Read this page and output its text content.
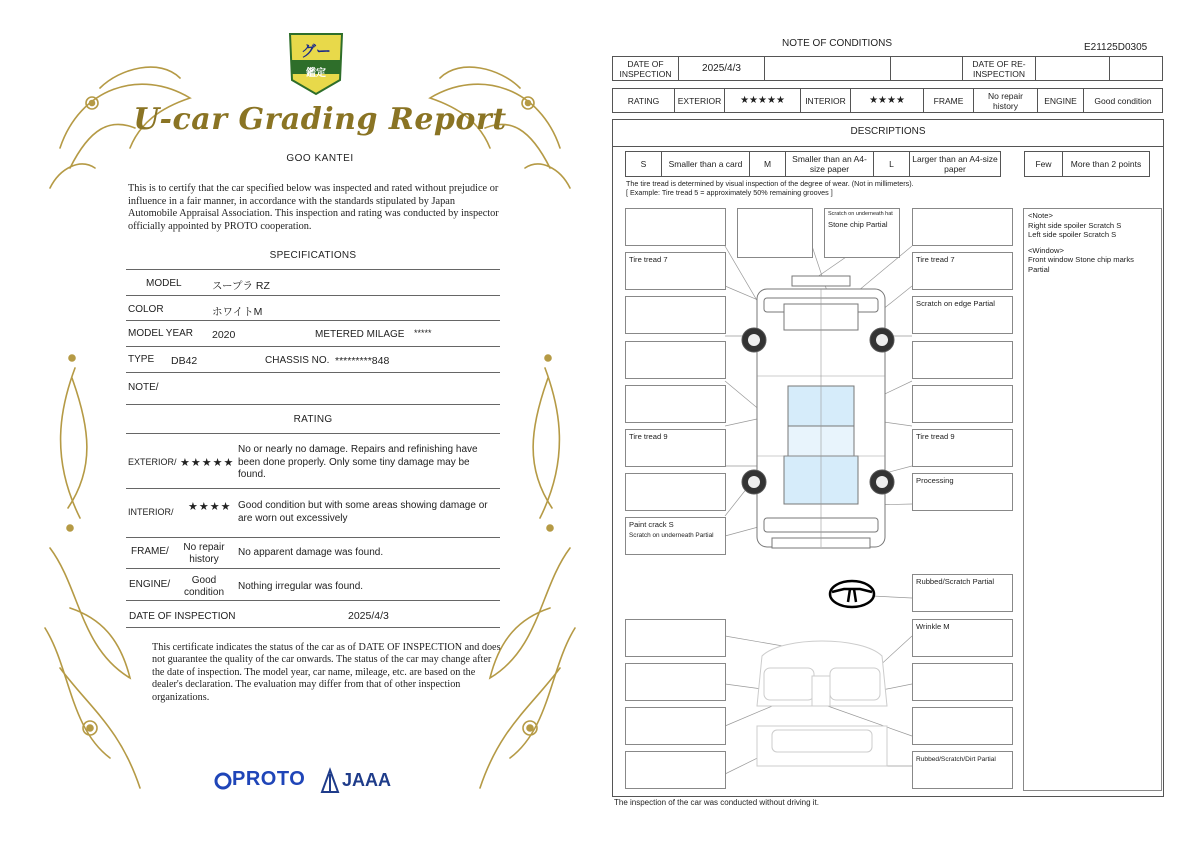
グー
鑑定
U-car Grading Report
GOO KANTEI
This is to certify that the car specified below was inspected and rated without prejudice or influence in a fair manner, in accordance with the standards stipulated by Japan Automobile Appraisal Association. This inspection and rating was conducted by inspector officially appointed by PROTO cooperation.
SPECIFICATIONS
MODEL	スープラ RZ
COLOR	ホワイトM
MODEL YEAR 2020	METERED MILAGE *****
TYPE DB42	CHASSIS NO. *********848
NOTE/
RATING
EXTERIOR/ ★★★★★
No or nearly no damage. Repairs and refinishing have been done properly. Only some tiny damage may be found.
INTERIOR/ ★★★★ Good condition but with some areas showing damage or are worn out excessively
FRAME/	No repair history
No apparent damage was found.
ENGINE/	Good condition	Nothing irregular was found.
DATE OF INSPECTION	2025/4/3
This certificate indicates the status of the car as of DATE OF INSPECTION and does not guarantee the quality of the car onwards. The status of the car may change after the date of inspection. The model year, car name, mileage, etc. are based on the dealer's declaration. The evaluation may differ from that of other inspection organizations.
PROTO JAAA
NOTE OF CONDITIONS	E21125D0305
DATE OF INSPECTION	2025/4/3			DATE OF RE-INSPECTION		
RATING	EXTERIOR	★★★★★	INTERIOR	★★★★	FRAME	No repair history	ENGINE	Good condition
DESCRIPTIONS
S	Smaller than a card	M	Smaller than an A4-size paper	L	Larger than an A4-size paper	Few	More than 2 points
The tire tread is determined by visual inspection of the degree of wear. (Not in millimeters).
[ Example: Tire tread 5 = approximately 50% remaining grooves ]
Scratch on underneath hat
Stone chip Partial
Tire tread 7	Tire tread 7
Scratch on edge Partial
Tire tread 9	Tire tread 9
Processing
Paint crack S
Scratch on underneath Partial
Rubbed/Scratch Partial
Wrinkle M
Rubbed/Scratch/Dirt Partial
<Note>
Right side spoiler Scratch S
Left side spoiler Scratch S
<Window>
Front window Stone chip marks Partial
The inspection of the car was conducted without driving it.
